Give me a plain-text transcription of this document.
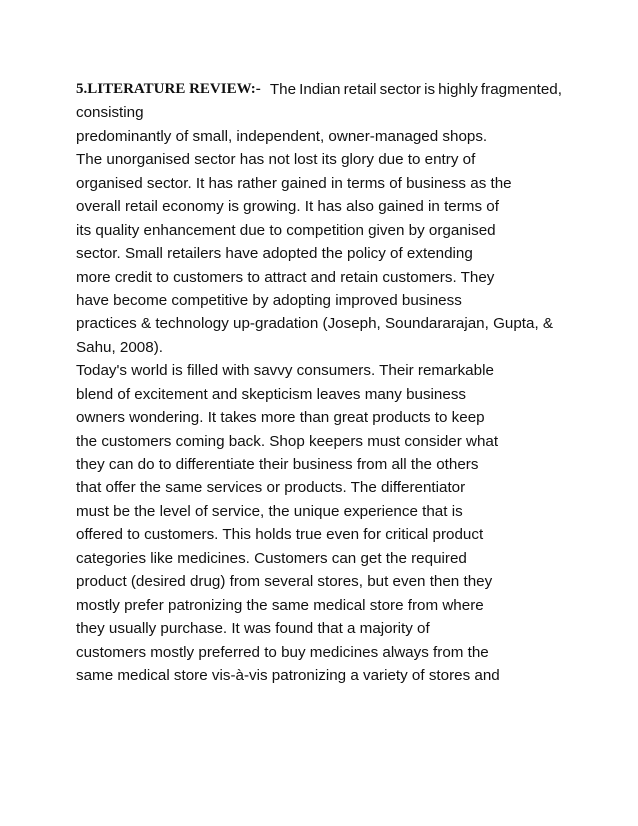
5.LITERATURE REVIEW:- The Indian retail sector is highly fragmented,
consisting
predominantly of small, independent, owner-managed shops.
The unorganised sector has not lost its glory due to entry of
organised sector. It has rather gained in terms of business as the
overall retail economy is growing. It has also gained in terms of
its quality enhancement due to competition given by organised
sector. Small retailers have adopted the policy of extending
more credit to customers to attract and retain customers. They
have become competitive by adopting improved business
practices & technology up-gradation (Joseph, Soundararajan, Gupta, &
Sahu, 2008).
Today's world is filled with savvy consumers. Their remarkable
blend of excitement and skepticism leaves many business
owners wondering. It takes more than great products to keep
the customers coming back. Shop keepers must consider what
they can do to differentiate their business from all the others
that offer the same services or products. The differentiator
must be the level of service, the unique experience that is
offered to customers. This holds true even for critical product
categories like medicines. Customers can get the required
product (desired drug) from several stores, but even then they
mostly prefer patronizing the same medical store from where
they usually purchase. It was found that a majority of
customers mostly preferred to buy medicines always from the
same medical store vis-à-vis patronizing a variety of stores and
